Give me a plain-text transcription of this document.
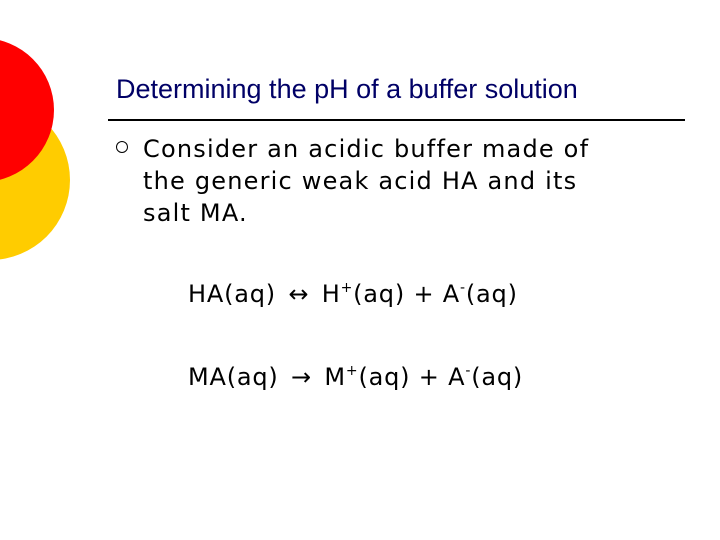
Determining the pH of a buffer solution
Consider an acidic buffer made of
the generic weak acid HA and its
salt MA.
HA(aq) ↔ H+(aq) + A-(aq)
MA(aq) → M+(aq) + A-(aq)
